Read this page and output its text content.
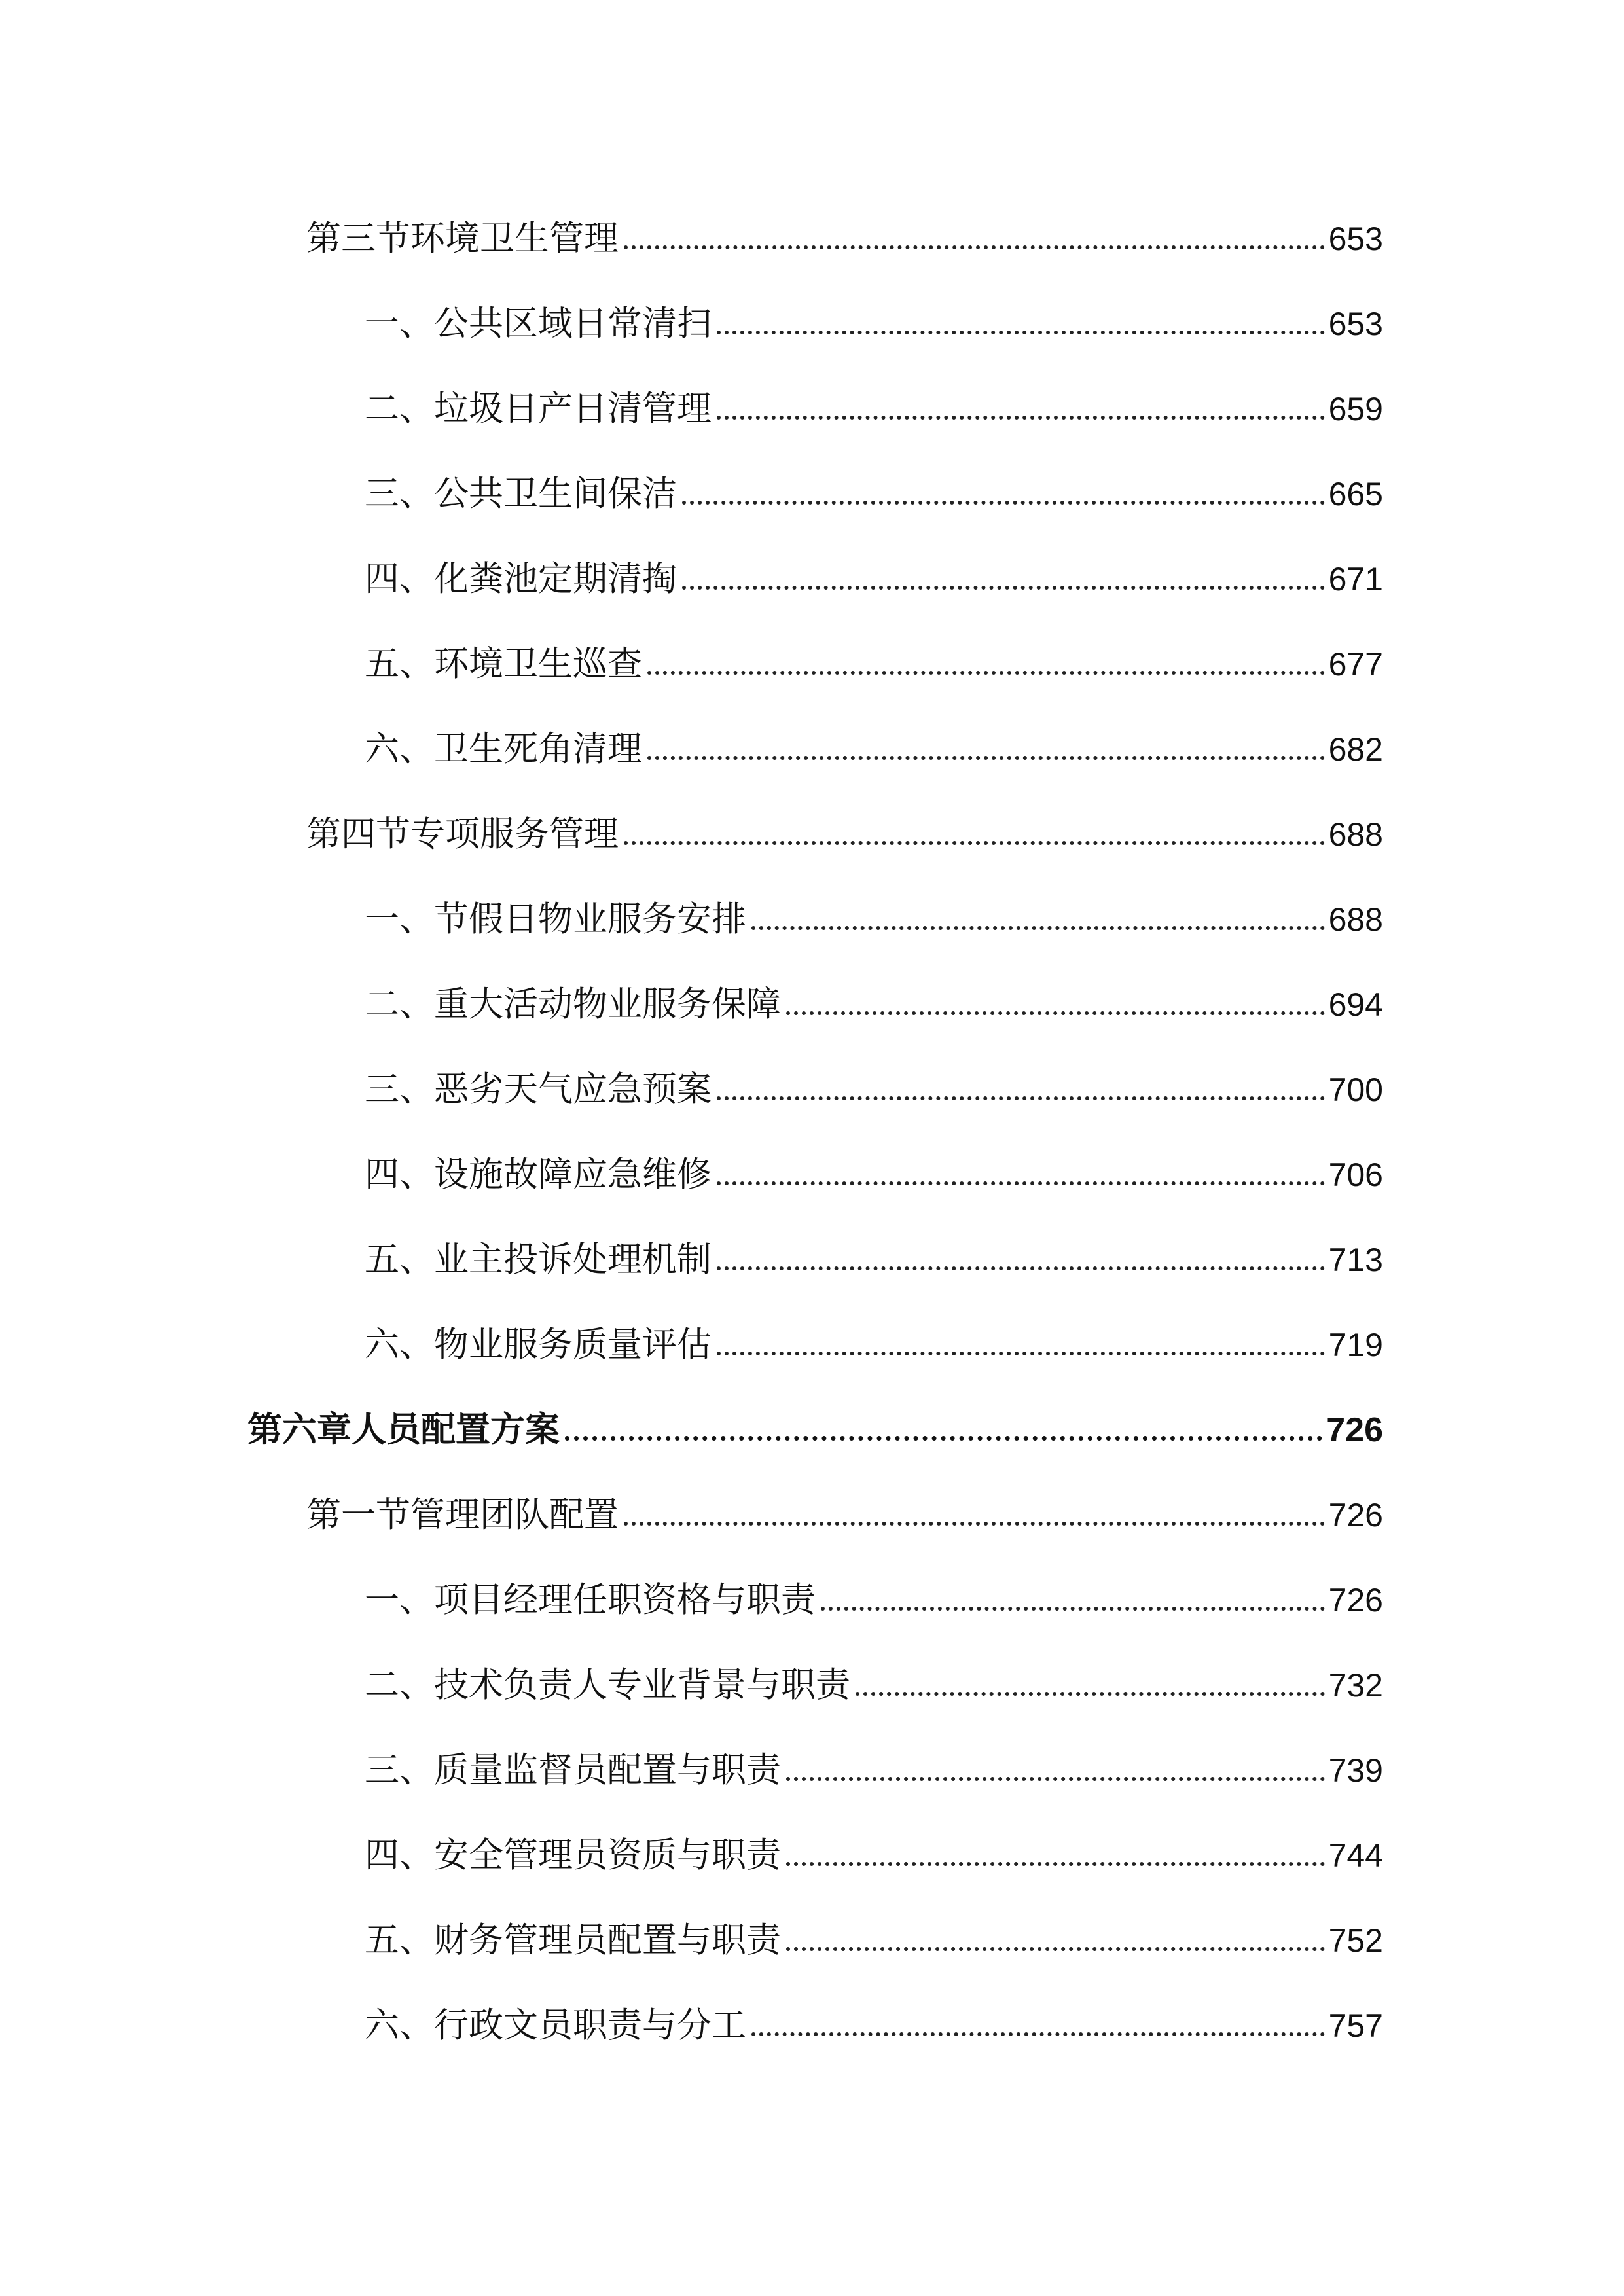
第三节环境卫生管理	653
一、公共区域日常清扫	653
二、垃圾日产日清管理	659
三、公共卫生间保洁	665
四、化粪池定期清掏	671
五、环境卫生巡查	677
六、卫生死角清理	682
第四节专项服务管理	688
一、节假日物业服务安排	688
二、重大活动物业服务保障	694
三、恶劣天气应急预案	700
四、设施故障应急维修	706
五、业主投诉处理机制	713
六、物业服务质量评估	719
第六章人员配置方案	726
第一节管理团队配置	726
一、项目经理任职资格与职责	726
二、技术负责人专业背景与职责	732
三、质量监督员配置与职责	739
四、安全管理员资质与职责	744
五、财务管理员配置与职责	752
六、行政文员职责与分工	757
